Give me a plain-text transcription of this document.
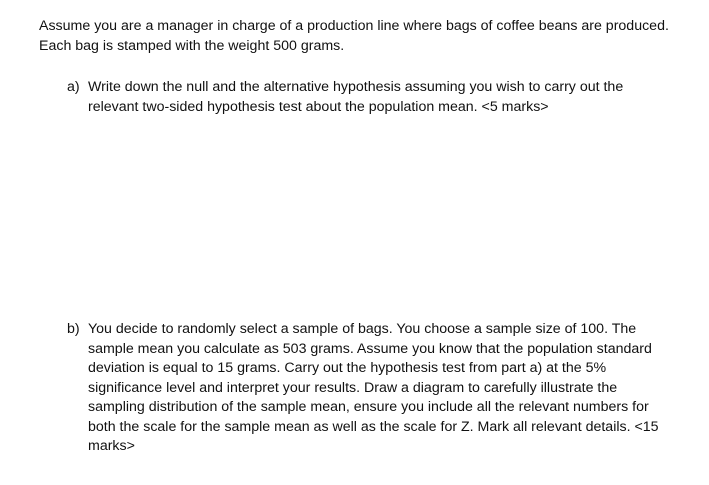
Assume you are a manager in charge of a production line where bags of coffee beans are produced. Each bag is stamped with the weight 500 grams.

a) Write down the null and the alternative hypothesis assuming you wish to carry out the relevant two-sided hypothesis test about the population mean. <5 marks>
b) You decide to randomly select a sample of bags. You choose a sample size of 100. The sample mean you calculate as 503 grams. Assume you know that the population standard deviation is equal to 15 grams. Carry out the hypothesis test from part a) at the 5% significance level and interpret your results. Draw a diagram to carefully illustrate the sampling distribution of the sample mean, ensure you include all the relevant numbers for both the scale for the sample mean as well as the scale for Z. Mark all relevant details. <15 marks>
